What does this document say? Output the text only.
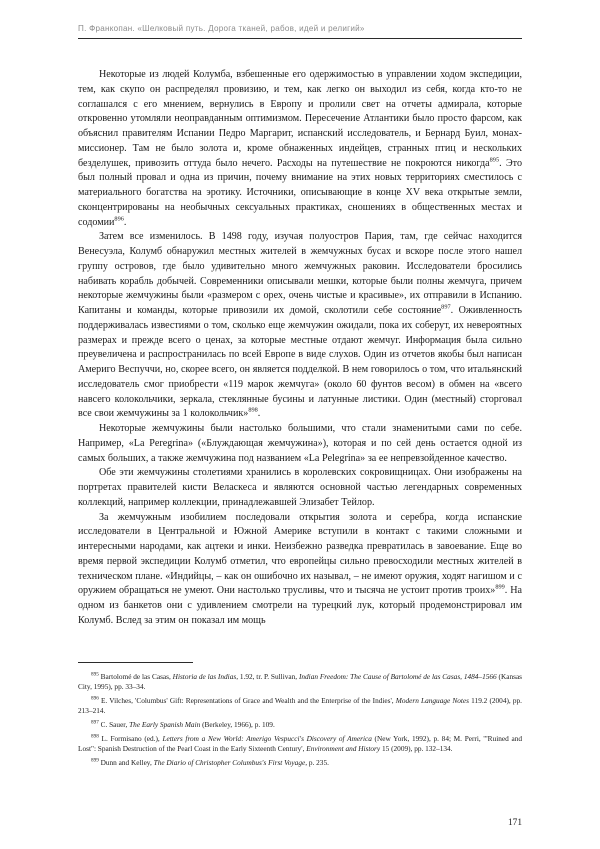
П. Франкопан. «Шелковый путь. Дорога тканей, рабов, идей и религий»

Некоторые из людей Колумба, взбешенные его одержимостью в управлении ходом экспедиции, тем, как скупо он распределял провизию, и тем, как легко он выходил из себя, когда кто-то не соглашался с его мнением, вернулись в Европу и пролили свет на отчеты адмирала, которые откровенно утомляли неоправданным оптимизмом. Пересечение Атлантики было просто фарсом, как объяснил правителям Испании Педро Маргарит, испанский исследователь, и Бернард Буил, монах-миссионер. Там не было золота и, кроме обнаженных индейцев, странных птиц и нескольких безделушек, привозить оттуда было нечего. Расходы на путешествие не покроются никогда$^{895}$. Это был полный провал и одна из причин, почему внимание на этих новых территориях сместилось с материального богатства на эротику. Источники, описывающие в конце XV века открытые земли, сконцентрированы на необычных сексуальных практиках, сношениях в общественных местах и содомии$^{896}$.

Затем все изменилось. В 1498 году, изучая полуостров Пария, там, где сейчас находится Венесуэла, Колумб обнаружил местных жителей в жемчужных бусах и вскоре после этого нашел группу островов, где было удивительно много жемчужных раковин. Исследователи бросились набивать корабль добычей. Современники описывали мешки, которые были полны жемчуга, причем некоторые жемчужины были «размером с орех, очень чистые и красивые», их отправили в Испанию. Капитаны и команды, которые привозили их домой, сколотили себе состояние$^{897}$. Оживленность поддерживалась известиями о том, сколько еще жемчужин ожидали, пока их соберут, их невероятных размерах и прежде всего о ценах, за которые местные отдают жемчуг. Информация была сильно преувеличена и распространилась по всей Европе в виде слухов. Один из отчетов якобы был написан Америго Веспуччи, но, скорее всего, он является подделкой. В нем говорилось о том, что итальянский исследователь смог приобрести «119 марок жемчуга» (около 60 фунтов весом) в обмен на «всего навсего колокольчики, зеркала, стеклянные бусины и латунные листики. Один (местный) сторговал все свои жемчужины за 1 колокольчик»$^{898}$.

Некоторые жемчужины были настолько большими, что стали знаменитыми сами по себе. Например, «La Peregrina» («Блуждающая жемчужина»), которая и по сей день остается одной из самых больших, а также жемчужина под названием «La Pelegrina» за ее непревзойденное качество.

Обе эти жемчужины столетиями хранились в королевских сокровищницах. Они изображены на портретах правителей кисти Веласкеса и являются основной частью легендарных современных коллекций, например коллекции, принадлежавшей Элизабет Тейлор.

За жемчужным изобилием последовали открытия золота и серебра, когда испанские исследователи в Центральной и Южной Америке вступили в контакт с такими сложными и интересными народами, как ацтеки и инки. Неизбежно разведка превратилась в завоевание. Еще во время первой экспедиции Колумб отметил, что европейцы сильно превосходили местных жителей в техническом плане. «Индийцы, – как он ошибочно их называл, – не имеют оружия, ходят нагишом и с оружием обращаться не умеют. Они настолько трусливы, что и тысяча не устоит против троих»$^{899}$. На одном из банкетов они с удивлением смотрели на турецкий лук, который продемонстрировал им Колумб. Вслед за этим он показал им мощь

$^{895}$ Bartolomé de las Casas, Historia de las Indias, 1.92, tr. P. Sullivan, Indian Freedom: The Cause of Bartolomé de las Casas, 1484–1566 (Kansas City, 1995), pp. 33–34.

$^{896}$ E. Vilches, 'Columbus' Gift: Representations of Grace and Wealth and the Enterprise of the Indies', Modern Language Notes 119.2 (2004), pp. 213–214.

$^{897}$ C. Sauer, The Early Spanish Main (Berkeley, 1966), p. 109.

$^{898}$ L. Formisano (ed.), Letters from a New World: Amerigo Vespucci's Discovery of America (New York, 1992), p. 84; M. Perri, '"Ruined and Lost": Spanish Destruction of the Pearl Coast in the Early Sixteenth Century', Environment and History 15 (2009), pp. 132–134.

$^{899}$ Dunn and Kelley, The Diario of Christopher Columbus's First Voyage, p. 235.

171
